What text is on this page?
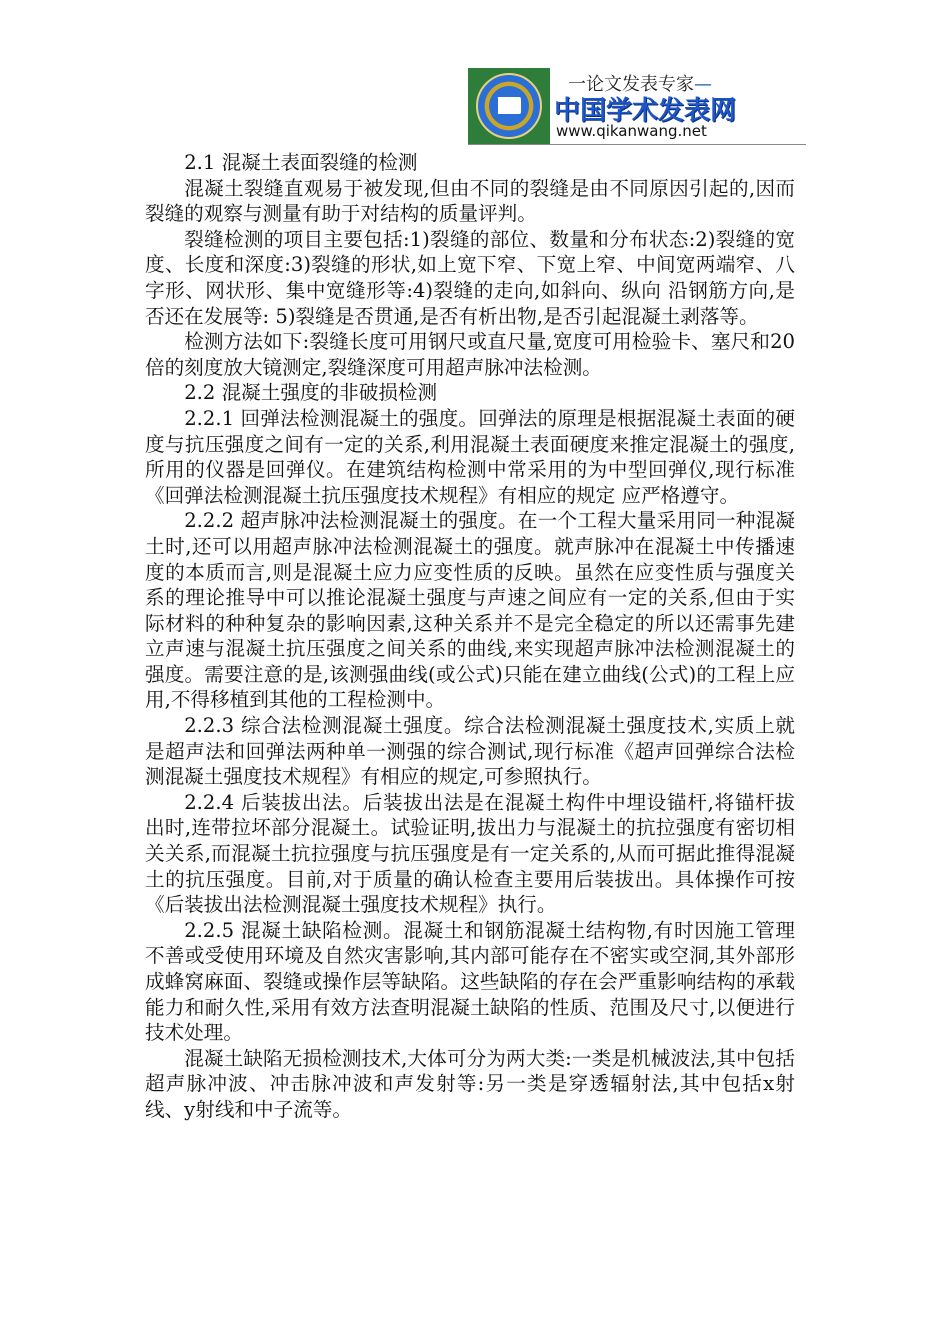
一论文发表专家—
中国学术发表网
www.qikanwang.net

2.1 混凝土表面裂缝的检测

混凝土裂缝直观易于被发现,但由不同的裂缝是由不同原因引起的,因而裂缝的观察与测量有助于对结构的质量评判。

裂缝检测的项目主要包括:1)裂缝的部位、数量和分布状态:2)裂缝的宽度、长度和深度:3)裂缝的形状,如上宽下窄、下宽上窄、中间宽两端窄、八字形、网状形、集中宽缝形等:4)裂缝的走向,如斜向、纵向 沿钢筋方向,是否还在发展等: 5)裂缝是否贯通,是否有析出物,是否引起混凝土剥落等。

检测方法如下:裂缝长度可用钢尺或直尺量,宽度可用检验卡、塞尺和20倍的刻度放大镜测定,裂缝深度可用超声脉冲法检测。

2.2 混凝土强度的非破损检测

2.2.1 回弹法检测混凝土的强度。回弹法的原理是根据混凝土表面的硬度与抗压强度之间有一定的关系,利用混凝土表面硬度来推定混凝土的强度,所用的仪器是回弹仪。在建筑结构检测中常采用的为中型回弹仪,现行标准《回弹法检测混凝土抗压强度技术规程》有相应的规定 应严格遵守。

2.2.2 超声脉冲法检测混凝土的强度。在一个工程大量采用同一种混凝土时,还可以用超声脉冲法检测混凝土的强度。就声脉冲在混凝土中传播速度的本质而言,则是混凝土应力应变性质的反映。虽然在应变性质与强度关系的理论推导中可以推论混凝土强度与声速之间应有一定的关系,但由于实际材料的种种复杂的影响因素,这种关系并不是完全稳定的所以还需事先建立声速与混凝土抗压强度之间关系的曲线,来实现超声脉冲法检测混凝土的强度。需要注意的是,该测强曲线(或公式)只能在建立曲线(公式)的工程上应用,不得移植到其他的工程检测中。

2.2.3 综合法检测混凝土强度。综合法检测混凝土强度技术,实质上就是超声法和回弹法两种单一测强的综合测试,现行标准《超声回弹综合法检测混凝土强度技术规程》有相应的规定,可参照执行。

2.2.4 后装拔出法。后装拔出法是在混凝土构件中埋设锚杆,将锚杆拔出时,连带拉坏部分混凝土。试验证明,拔出力与混凝土的抗拉强度有密切相关关系,而混凝土抗拉强度与抗压强度是有一定关系的,从而可据此推得混凝土的抗压强度。目前,对于质量的确认检查主要用后装拔出。具体操作可按《后装拔出法检测混凝土强度技术规程》执行。

2.2.5 混凝土缺陷检测。混凝土和钢筋混凝土结构物,有时因施工管理不善或受使用环境及自然灾害影响,其内部可能存在不密实或空洞,其外部形成蜂窝麻面、裂缝或操作层等缺陷。这些缺陷的存在会严重影响结构的承载能力和耐久性,采用有效方法查明混凝土缺陷的性质、范围及尺寸,以便进行技术处理。

混凝土缺陷无损检测技术,大体可分为两大类:一类是机械波法,其中包括超声脉冲波、冲击脉冲波和声发射等:另一类是穿透辐射法,其中包括x射线、y射线和中子流等。
